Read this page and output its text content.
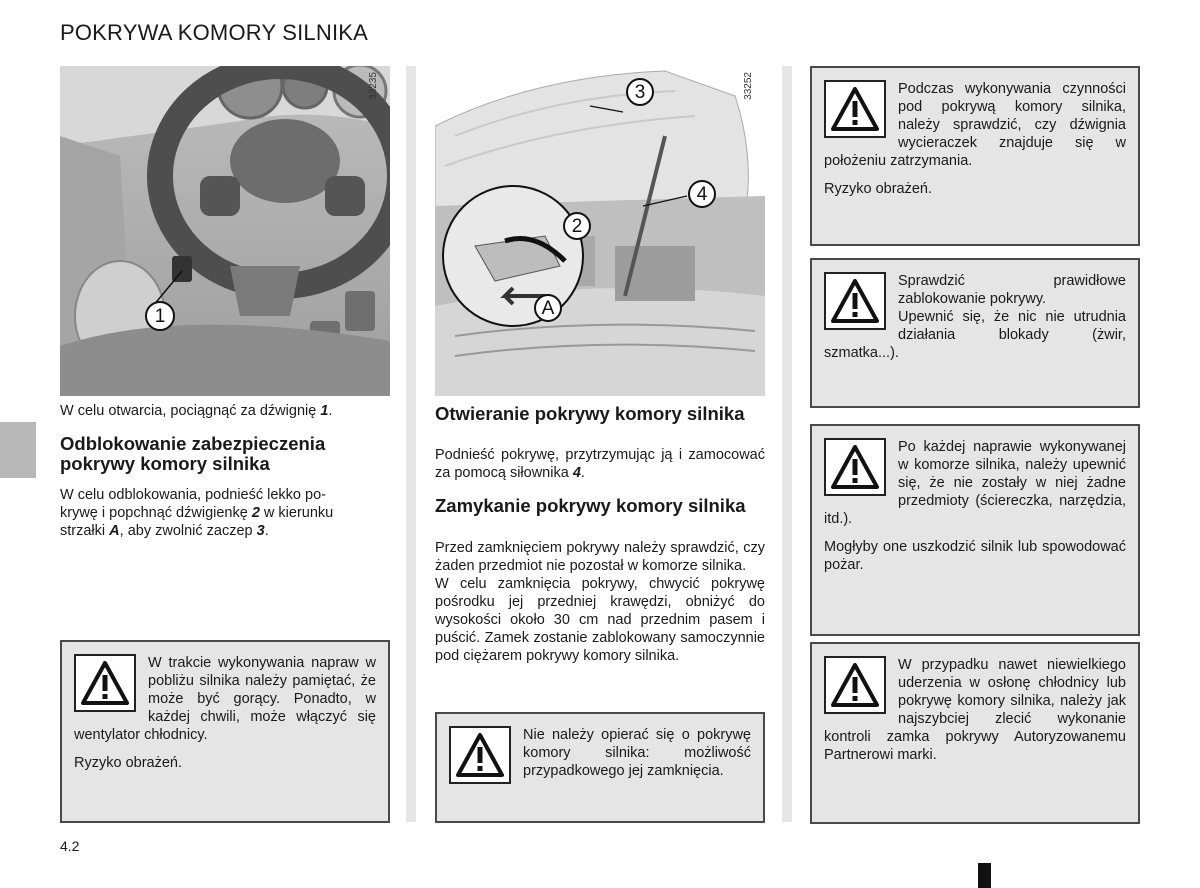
POKRYWA KOMORY SILNIKA
1
33235
W celu otwarcia, pociągnąć za dźwignię 1.
Odblokowanie zabezpieczenia pokrywy komory silnika

W celu odblokowania, podnieść lekko po-
krywę i popchnąć dźwigienkę 2 w kierunku
strzałki A, aby zwolnić zaczep 3.

W trakcie wykonywania napraw w pobliżu silnika należy pamiętać, że może być gorący. Ponadto, w każdej chwili, może włączyć się wentylator chłodnicy.

Ryzyko obrażeń.

4.2
3
4
2
A
33252
Otwieranie pokrywy komory silnika

Podnieść pokrywę, przytrzymując ją i zamocować za pomocą siłownika 4.

Zamykanie pokrywy komory silnika

Przed zamknięciem pokrywy należy sprawdzić, czy żaden przedmiot nie pozostał w komorze silnika.

W celu zamknięcia pokrywy, chwycić pokrywę pośrodku jej przedniej krawędzi, obniżyć do wysokości około 30 cm nad przednim pasem i puścić. Zamek zostanie zablokowany samoczynnie pod ciężarem pokrywy komory silnika.

Nie należy opierać się o pokrywę komory silnika: możliwość przypadkowego jej zamknięcia.

Podczas wykonywania czynności pod pokrywą komory silnika, należy sprawdzić, czy dźwignia wycieraczek znajduje się w położeniu zatrzymania.

Ryzyko obrażeń.

Sprawdzić prawidłowe zablokowanie pokrywy.

Upewnić się, że nic nie utrudnia działania blokady (żwir, szmatka...).

Po każdej naprawie wykonywanej w komorze silnika, należy upewnić się, że nie zostały w niej żadne przedmioty (ściereczka, narzędzia, itd.).

Mogłyby one uszkodzić silnik lub spowodować pożar.

W przypadku nawet niewielkiego uderzenia w osłonę chłodnicy lub pokrywę komory silnika, należy jak najszybciej zlecić wykonanie kontroli zamka pokrywy Autoryzowanemu Partnerowi marki.
